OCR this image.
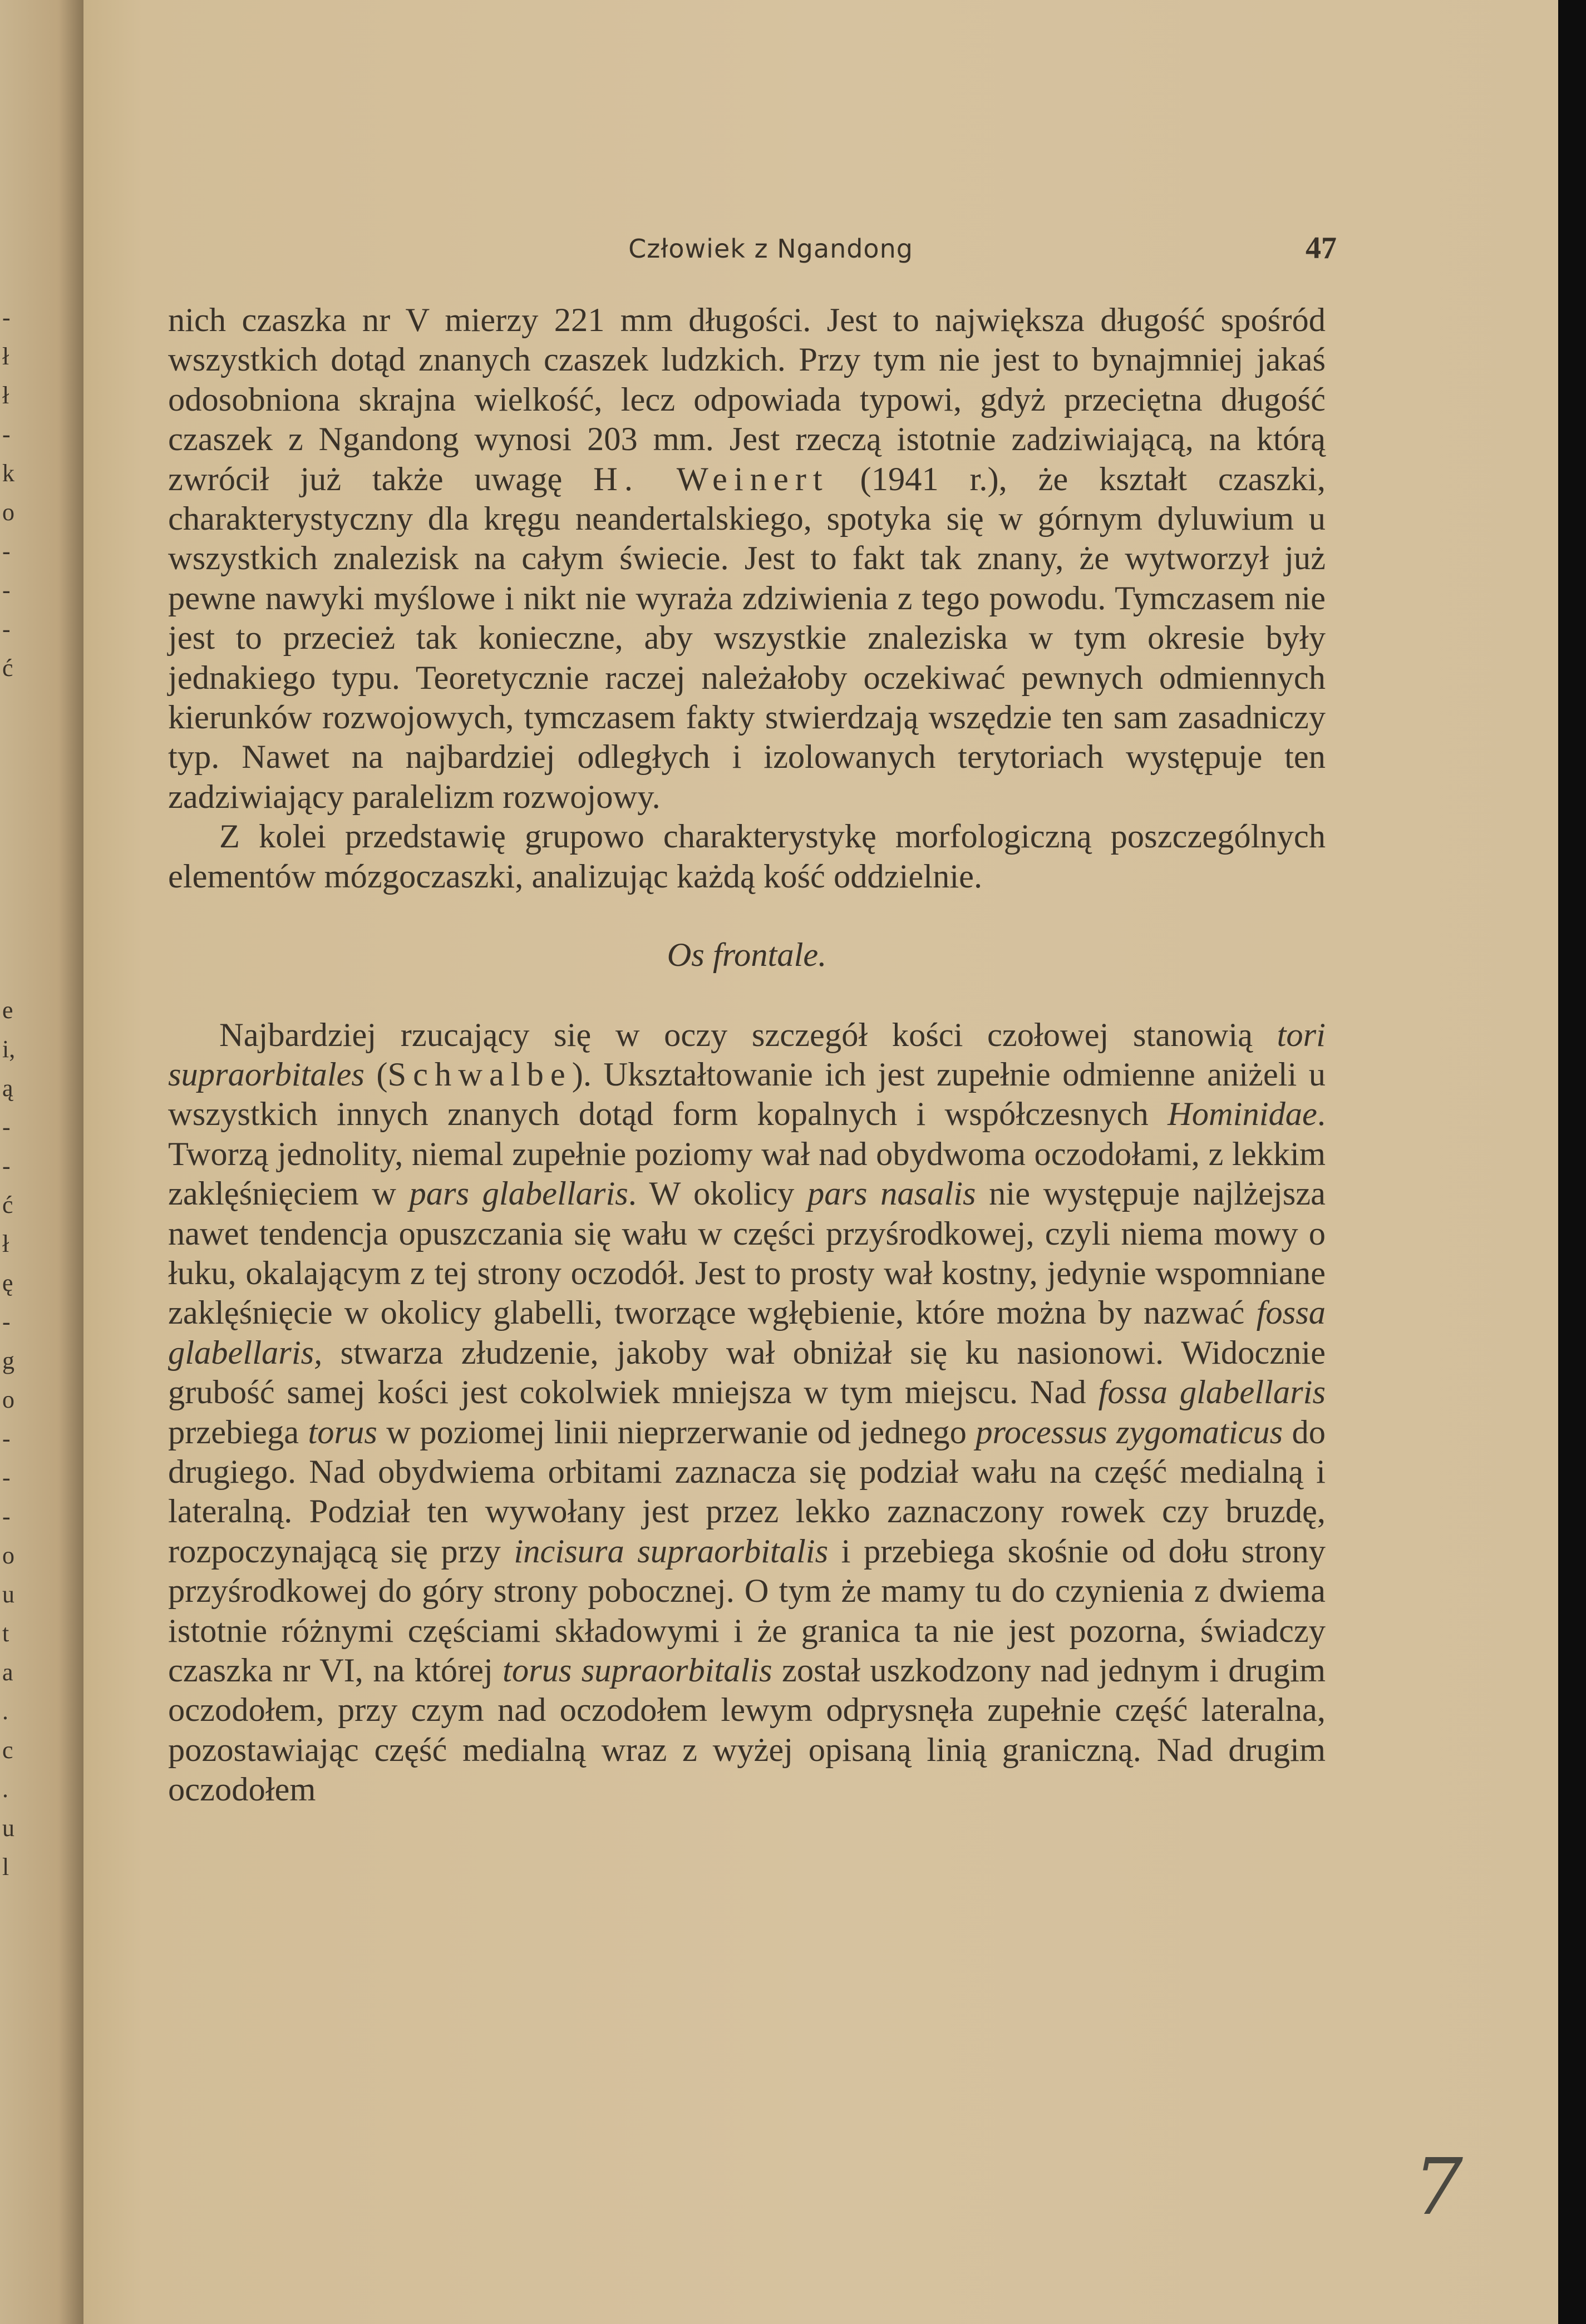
-
ł
ł
-
k
o
-
-
-
ć
e
i,
ą
-
-
ć
ł
ę
-
g
o
-
-
-
o
u
t
a
.
c
.
u
l
Człowiek z Ngandong	47

nich czaszka nr V mierzy 221 mm długości. Jest to największa długość spośród wszystkich dotąd znanych czaszek ludzkich. Przy tym nie jest to bynajmniej jakaś odosobniona skrajna wielkość, lecz odpowiada typowi, gdyż przeciętna długość czaszek z Ngandong wynosi 203 mm. Jest rzeczą istotnie zadziwiającą, na którą zwrócił już także uwagę H. Weinert (1941 r.), że kształt czaszki, charakterystyczny dla kręgu neandertalskiego, spotyka się w górnym dyluwium u wszystkich znalezisk na całym świecie. Jest to fakt tak znany, że wytworzył już pewne nawyki myślowe i nikt nie wyraża zdziwienia z tego powodu. Tymczasem nie jest to przecież tak konieczne, aby wszystkie znaleziska w tym okresie były jednakiego typu. Teoretycznie raczej należałoby oczekiwać pewnych odmiennych kierunków rozwojowych, tymczasem fakty stwierdzają wszędzie ten sam zasadniczy typ. Nawet na najbardziej odległych i izolowanych terytoriach występuje ten zadziwiający paralelizm rozwojowy.

Z kolei przedstawię grupowo charakterystykę morfologiczną poszczególnych elementów mózgoczaszki, analizując każdą kość oddzielnie.

Os frontale.

Najbardziej rzucający się w oczy szczegół kości czołowej stanowią tori supraorbitales (Schwalbe). Ukształtowanie ich jest zupełnie odmienne aniżeli u wszystkich innych znanych dotąd form kopalnych i współczesnych Hominidae. Tworzą jednolity, niemal zupełnie poziomy wał nad obydwoma oczodołami, z lekkim zaklęśnięciem w pars glabellaris. W okolicy pars nasalis nie występuje najlżejsza nawet tendencja opuszczania się wału w części przyśrodkowej, czyli niema mowy o łuku, okalającym z tej strony oczodół. Jest to prosty wał kostny, jedynie wspomniane zaklęśnięcie w okolicy glabelli, tworzące wgłębienie, które można by nazwać fossa glabellaris, stwarza złudzenie, jakoby wał obniżał się ku nasionowi. Widocznie grubość samej kości jest cokolwiek mniejsza w tym miejscu. Nad fossa glabellaris przebiega torus w poziomej linii nieprzerwanie od jednego processus zygomaticus do drugiego. Nad obydwiema orbitami zaznacza się podział wału na część medialną i lateralną. Podział ten wywołany jest przez lekko zaznaczony rowek czy bruzdę, rozpoczynającą się przy incisura supraorbitalis i przebiega skośnie od dołu strony przyśrodkowej do góry strony pobocznej. O tym że mamy tu do czynienia z dwiema istotnie różnymi częściami składowymi i że granica ta nie jest pozorna, świadczy czaszka nr VI, na której torus supraorbitalis został uszkodzony nad jednym i drugim oczodołem, przy czym nad oczodołem lewym odprysnęła zupełnie część lateralna, pozostawiając część medialną wraz z wyżej opisaną linią graniczną. Nad drugim oczodołem

7
